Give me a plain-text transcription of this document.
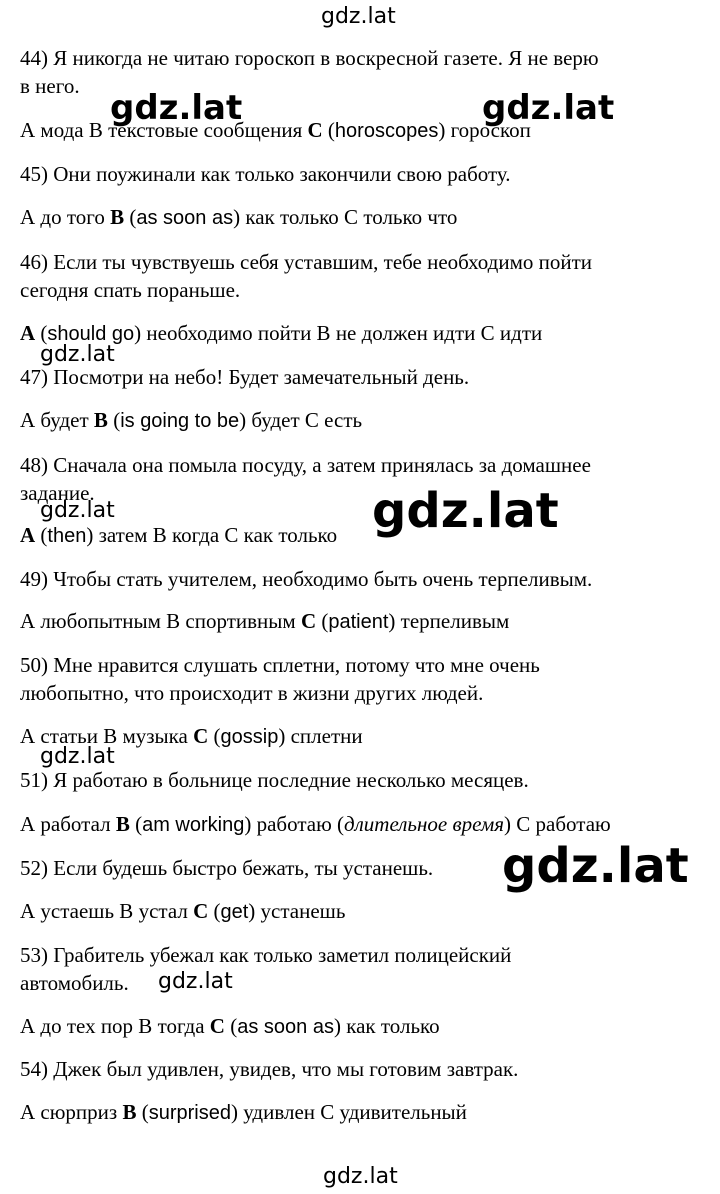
44) Я никогда не читаю гороскоп в воскресной газете. Я не верю
в него.
А мода В текстовые сообщения С (horoscopes) гороскоп
45) Они поужинали как только закончили свою работу.
А до того B (as soon as) как только С только что
46) Если ты чувствуешь себя уставшим, тебе необходимо пойти
сегодня спать пораньше.
A (should go) необходимо пойти В не должен идти С идти
47) Посмотри на небо! Будет замечательный день.
А будет B (is going to be) будет С есть
48) Сначала она помыла посуду, а затем принялась за домашнее
задание.
A (then) затем В когда С как только
49) Чтобы стать учителем, необходимо быть очень терпеливым.
А любопытным В спортивным C (patient) терпеливым
50) Мне нравится слушать сплетни, потому что мне очень
любопытно, что происходит в жизни других людей.
А статьи В музыка C (gossip) сплетни
51) Я работаю в больнице последние несколько месяцев.
А работал B (am working) работаю (длительное время) С работаю
52) Если будешь быстро бежать, ты устанешь.
А устаешь В устал C (get) устанешь
53) Грабитель убежал как только заметил полицейский
автомобиль.
А до тех пор В тогда C (as soon as) как только
54) Джек был удивлен, увидев, что мы готовим завтрак.
А сюрприз B (surprised) удивлен С удивительный
gdz.lat
gdz.lat	gdz.lat
gdz.lat
gdz.lat	gdz.lat
gdz.lat
gdz.lat
gdz.lat
gdz.lat
